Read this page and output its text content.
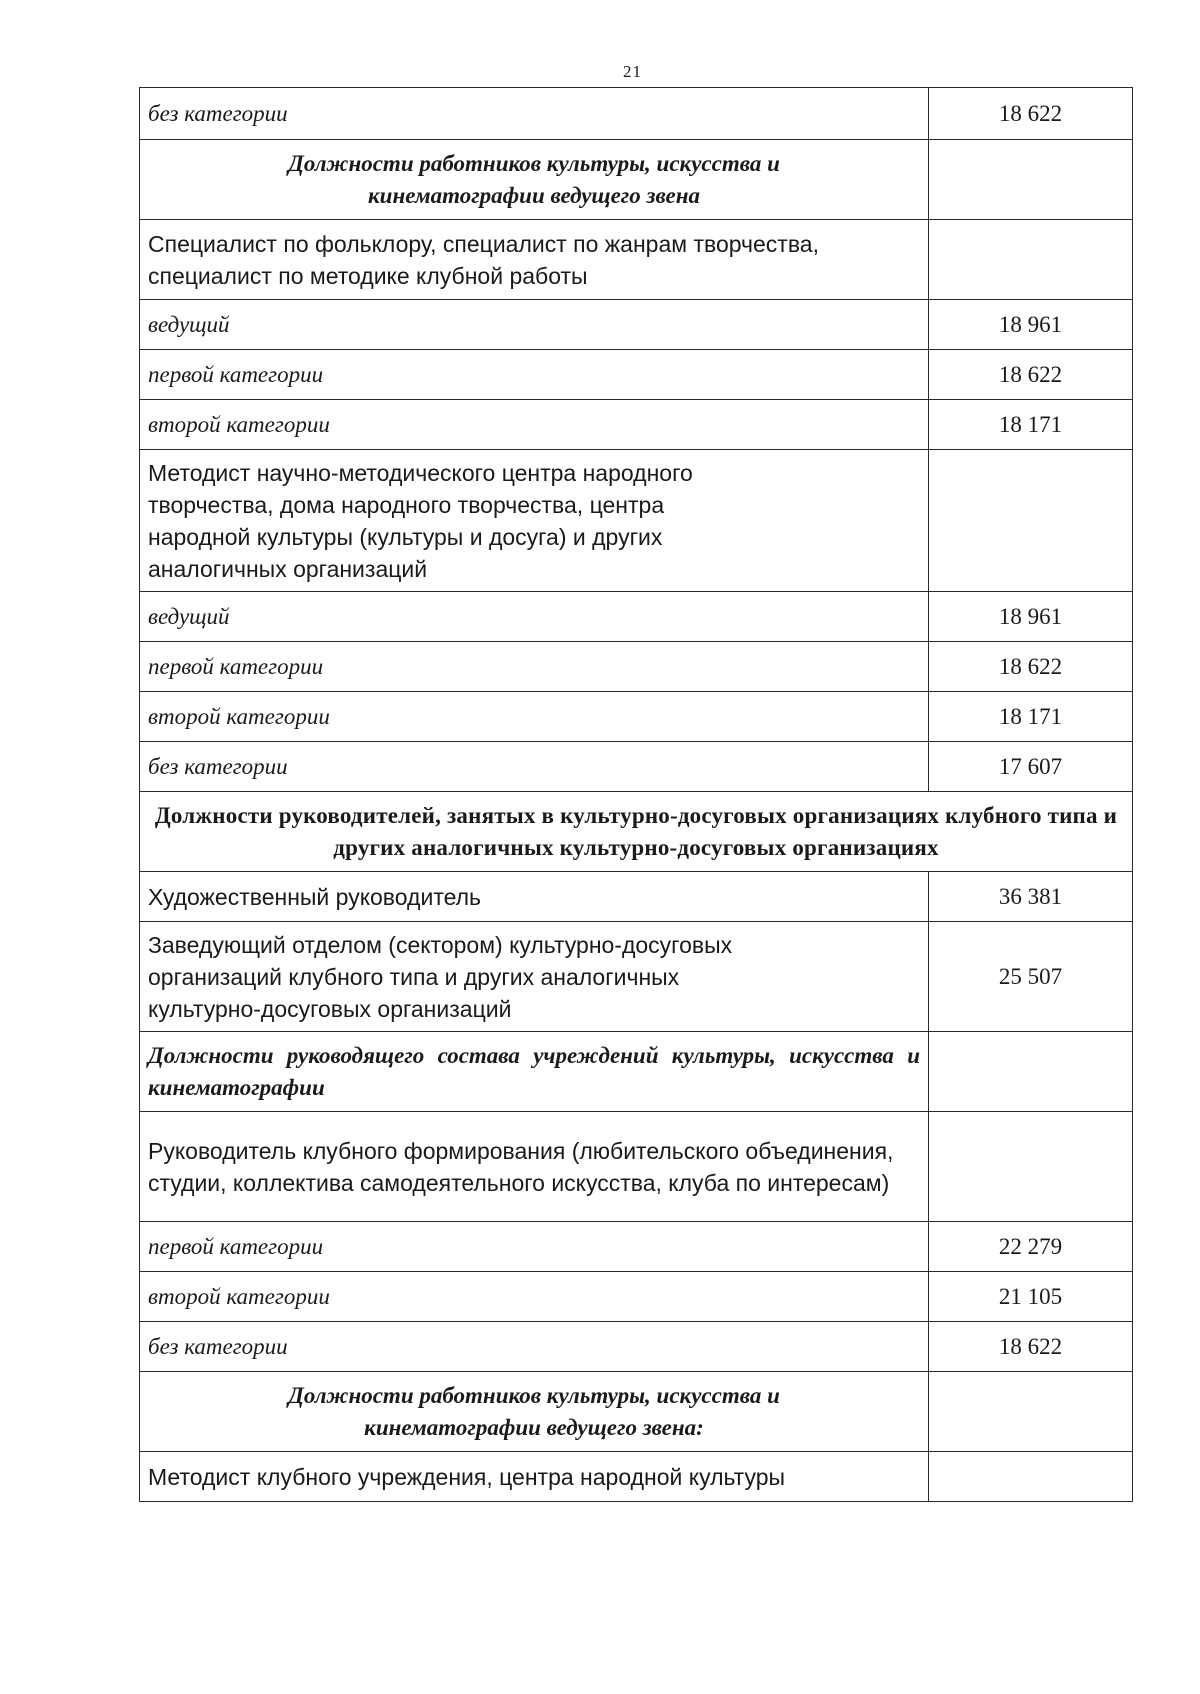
21
без категории	18 622
Должности работников культуры, искусства и кинематографии ведущего звена	
Специалист по фольклору, специалист по жанрам творчества, специалист по методике клубной работы	
ведущий	18 961
первой категории	18 622
второй категории	18 171
Методист научно-методического центра народного творчества, дома народного творчества, центра народной культуры (культуры и досуга) и других аналогичных организаций	
ведущий	18 961
первой категории	18 622
второй категории	18 171
без категории	17 607
Должности руководителей, занятых в культурно-досуговых организациях клубного типа и других аналогичных культурно-досуговых организациях	
Художественный руководитель	36 381
Заведующий отделом (сектором) культурно-досуговых организаций клубного типа и других аналогичных культурно-досуговых организаций	25 507
Должности руководящего состава учреждений культуры, искусства и кинематографии	
Руководитель клубного формирования (любительского объединения, студии, коллектива самодеятельного искусства, клуба по интересам)	
первой категории	22 279
второй категории	21 105
без категории	18 622
Должности работников культуры, искусства и кинематографии ведущего звена:	
Методист клубного учреждения, центра народной культуры	
